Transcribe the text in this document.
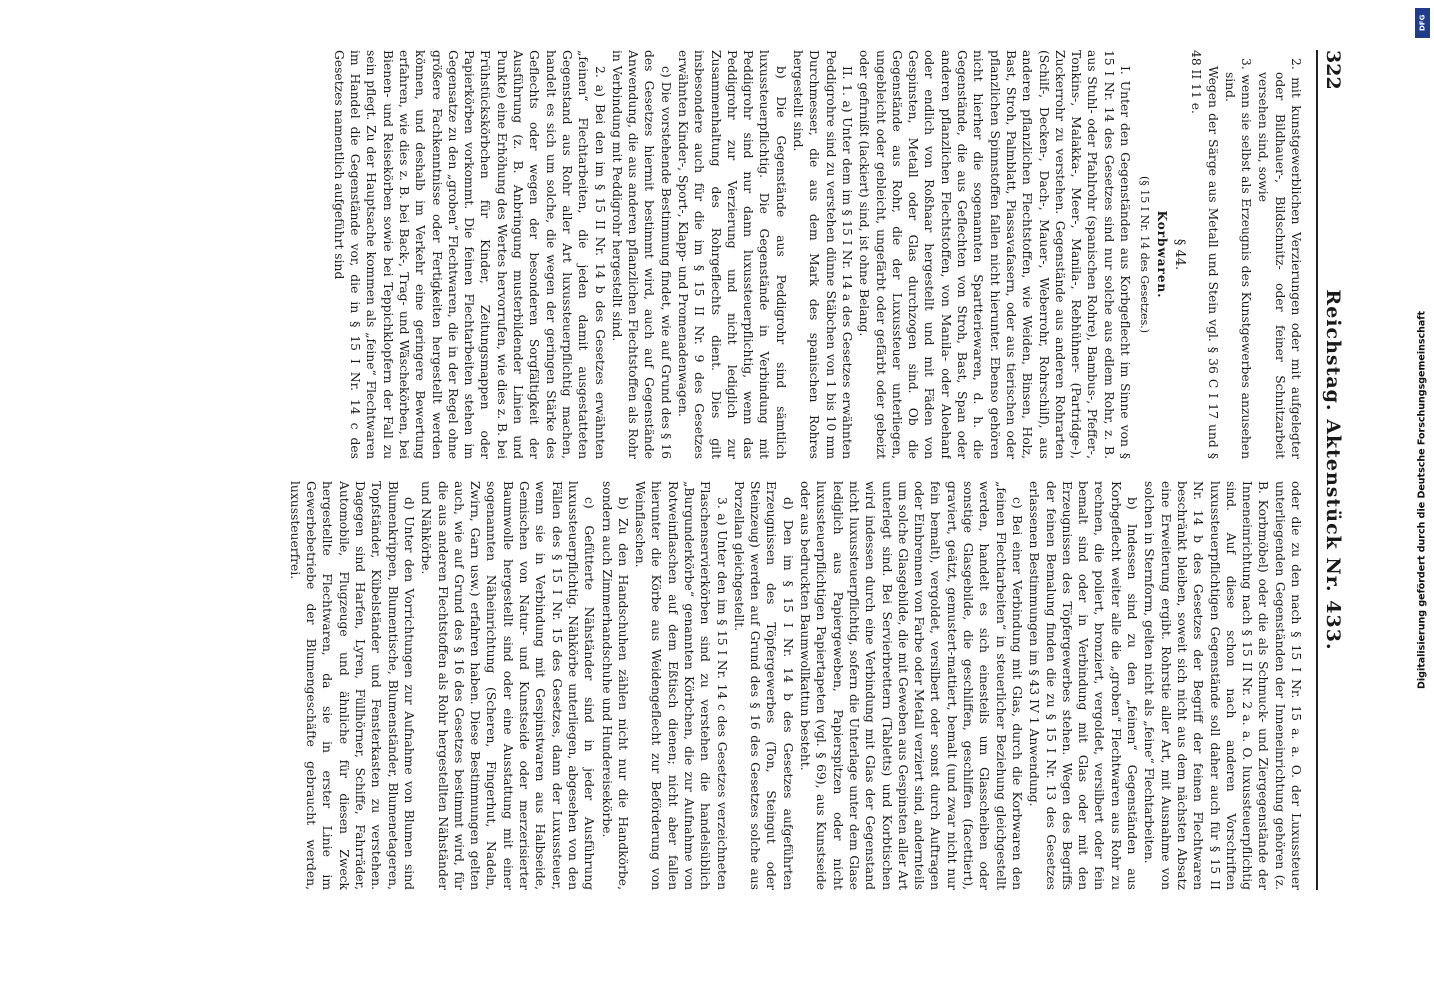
322
Reichstag. Aktenstück Nr. 433.

2. mit kunstgewerblichen Verzierungen oder mit aufgelegter oder Bildhauer-, Bildschnitz- oder feiner Schnitzarbeit versehen sind, sowie

3. wenn sie selbst als Erzeugnis des Kunstgewerbes anzusehen sind.

Wegen der Särge aus Metall und Stein vgl. § 36 C I 17 und § 48 II 11 e.

§ 44.

Korbwaren.

(§ 15 I Nr. 14 des Gesetzes.)

I. Unter den Gegenständen aus Korbgeflecht im Sinne von § 15 I Nr. 14 des Gesetzes sind nur solche aus edlem Rohr, z. B. aus Stuhl- oder Pfahlrohr (spanischen Rohre), Bambus-, Pfeffer-, Tonkins-, Malakka-, Meer-, Manila-, Rebhühner- (Partridge-), Zuckerrohr zu verstehen. Gegenstände aus anderen Rohrarten (Schilf-, Decken-, Dach-, Mauer-, Weberrohr, Rohrschilf), aus anderen pflanzlichen Flechtstoffen, wie Weiden, Binsen, Holz, Bast, Stroh, Palmblatt, Piassavafasern, oder aus tierischen oder pflanzlichen Spinnstoffen fallen nicht hierunter. Ebenso gehören nicht hierher die sogenannten Spartteriewaren, d. h. die Gegenstände, die aus Geflechten von Stroh, Bast, Span oder anderen pflanzlichen Flechtstoffen, von Manila- oder Aloehanf oder endlich von Roßhaar hergestellt und mit Fäden von Gespinsten, Metall oder Glas durchzogen sind. Ob die Gegenstände aus Rohr, die der Luxussteuer unterliegen, ungebleicht oder gebleicht, ungefärbt oder gefärbt oder gebeizt oder gefirnißt (lackiert) sind, ist ohne Belang.

II. 1. a) Unter dem im § 15 I Nr. 14 a des Gesetzes erwähnten Peddigrohre sind zu verstehen dünne Stäbchen von 1 bis 10 mm Durchmesser, die aus dem Mark des spanischen Rohres hergestellt sind.

b) Die Gegenstände aus Peddigrohr sind sämtlich luxussteuerpflichtig. Die Gegenstände in Verbindung mit Peddigrohr sind nur dann luxussteuerpflichtig, wenn das Peddigrohr zur Verzierung und nicht lediglich zur Zusammenhaltung des Rohrgeflechts dient. Dies gilt insbesondere auch für die im § 15 II Nr. 9 des Gesetzes erwähnten Kinder-, Sport-, Klapp- und Promenadenwagen.

c) Die vorstehende Bestimmung findet, wie auf Grund des § 16 des Gesetzes hiermit bestimmt wird, auch auf Gegenstände Anwendung, die aus anderen pflanzlichen Flechtstoffen als Rohr in Verbindung mit Peddigrohr hergestellt sind.

2. a) Bei den im § 15 II Nr. 14 b des Gesetzes erwähnten „feinen“ Flechtarbeiten, die jeden damit ausgestatteten Gegenstand aus Rohr aller Art luxussteuerpflichtig machen, handelt es sich um solche, die wegen der geringen Stärke des Geflechts oder wegen der besonderen Sorgfältigkeit der Ausführung (z. B. Anbringung musterbildender Linien und Punkte) eine Erhöhung des Wertes hervorrufen, wie dies z. B. bei Frühstückskörbchen für Kinder, Zeitungsmappen oder Papierkörben vorkommt. Die feinen Flechtarbeiten stehen im Gegensatze zu den „groben“ Flechtwaren, die in der Regel ohne größere Fachkenntnisse oder Fertigkeiten hergestellt werden können, und deshalb im Verkehr eine geringere Bewertung erfahren, wie dies z. B. bei Back-, Trag- und Wäschekörben, bei Bienen- und Reisekörben sowie bei Teppichklopfern der Fall zu sein pflegt. Zu der Hauptsache kommen als „feine“ Flechtwaren im Handel die Gegenstände vor, die in § 15 I Nr. 14 c des Gesetzes namentlich aufgeführt sind

oder die zu den nach § 15 I Nr. 15 a. a. O. der Luxussteuer unterliegenden Gegenständen der Inneneinrichtung gehören (z. B. Korbmöbel) oder die als Schmuck- und Ziergegenstände der Inneneinrichtung nach § 15 II Nr. 2 a. a. O. luxussteuerpflichtig sind. Auf diese schon nach anderen Vorschriften luxussteuerpflichtigen Gegenstände soll daher auch für § 15 II Nr. 14 b des Gesetzes der Begriff der feinen Flechtwaren beschränkt bleiben, soweit sich nicht aus dem nächsten Absatz eine Erweiterung ergibt. Rohrstie aller Art, mit Ausnahme von solchen in Sternform, gelten nicht als „feine“ Flechtarbeiten.

b) Indessen sind zu den „feinen“ Gegenständen aus Korbgeflecht weiter alle die „groben“ Flechtwaren aus Rohr zu rechnen, die poliert, bronziert, vergoldet, versilbert oder fein bemalt sind oder in Verbindung mit Glas oder mit den Erzeugnissen des Töpfergewerbes stehen. Wegen des Begriffs der feinen Bemalung finden die zu § 15 I Nr. 13 des Gesetzes erlassenen Bestimmungen im § 43 IV 1 Anwendung.

c) Bei einer Verbindung mit Glas, durch die Korbwaren den „feinen Flechtarbeiten“ in steuerlicher Beziehung gleichgestellt werden, handelt es sich einesteils um Glasscheiben oder sonstige Glasgebilde, die geschliffen, geschliffen (facettiert), graviert, geätzt, gemustert-mattiert, bemalt (und zwar nicht nur fein bemalt), vergoldet, versilbert oder sonst durch Auftragen oder Einbrennen von Farbe oder Metall verziert sind, andernteils um solche Glasgebilde, die mit Geweben aus Gespinsten aller Art unterlegt sind. Bei Servierbrettern (Tabletts) und Korbtischen wird indessen durch eine Verbindung mit Glas der Gegenstand nicht luxussteuerpflichtig, sofern die Unterlage unter dem Glase lediglich aus Papiergeweben, Papierspitzen oder nicht luxussteuerpflichtigen Papiertapeten (vgl. § 69), aus Kunstseide oder aus bedruckten Baumwollkattun besteht.

d) Den im § 15 I Nr. 14 b des Gesetzes aufgeführten Erzeugnissen des Töpfergewerbes (Ton, Steingut oder Steinzeug) werden auf Grund des § 16 des Gesetzes solche aus Porzellan gleichgestellt.

3. a) Unter den im § 15 I Nr. 14 c des Gesetzes verzeichneten Flaschenservierkörben sind zu verstehen die handelsüblich „Burgunderkörbe“ genannten Körbchen, die zur Aufnahme von Rotweinflaschen auf dem Eßtisch dienen; nicht aber fallen hierunter die Körbe aus Weidengeflecht zur Beförderung von Weinflaschen.

b) Zu den Handschuhen zählen nicht nur die Handkörbe, sondern auch Zimmerhandschuhe und Hundereisekörbe.

c) Gefütterte Nähständer sind in jeder Ausführung luxussteuerpflichtig. Nähkörbe unterliegen, abgesehen von den Fällen des § 15 I Nr. 15 des Gesetzes, dann der Luxussteuer, wenn sie in Verbindung mit Gespinstwaren aus Halbseide, Gemischen von Natur- und Kunstseide oder merzerisierter Baumwolle hergestellt sind oder eine Ausstattung mit einer sogenannten Näheinrichtung (Scheren, Fingerhut, Nadeln, Zwirn, Garn usw.) erfahren haben. Diese Bestimmungen gelten auch, wie auf Grund des § 16 des Gesetzes bestimmt wird, für die aus anderen Flechtstoffen als Rohr hergestellten Nähständer und Nähkörbe.

d) Unter den Vorrichtungen zur Aufnahme von Blumen sind Blumenkrippen, Blumentische, Blumenständer, Blumenetageren, Topfständer, Kübelständer und Fensterkasten zu verstehen. Dagegen sind Harfen, Lyren, Füllhörner, Schiffe, Fahrräder, Automobile, Flugzeuge und ähnliche für diesen Zweck hergestellte Flechtwaren, da sie in erster Linie im Gewerbebetriebe der Blumengeschäfte gebraucht werden, luxussteuerfrei.

DFG
Digitalisierung gefördert durch die Deutsche Forschungsgemeinschaft
